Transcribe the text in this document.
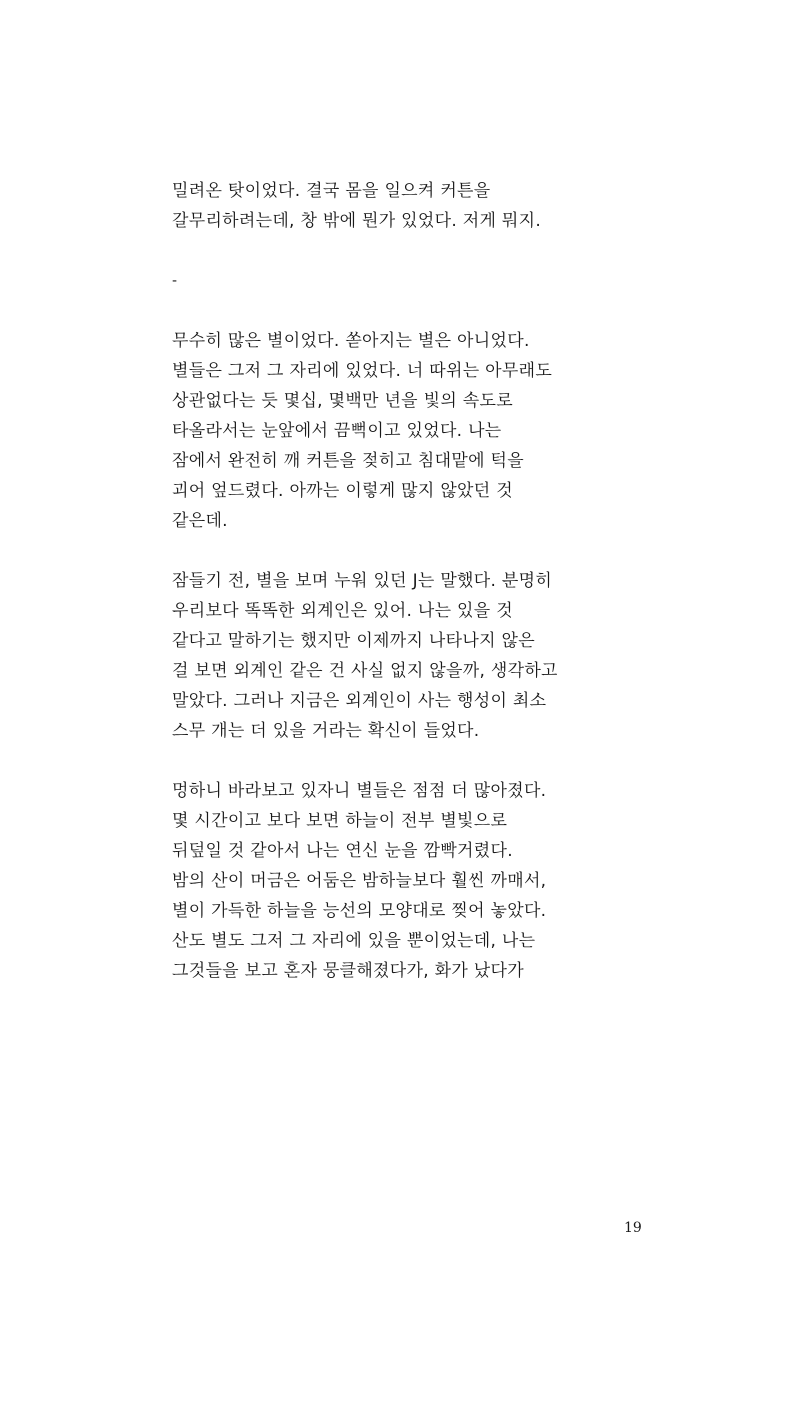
밀려온 탓이었다. 결국 몸을 일으켜 커튼을
갈무리하려는데, 창 밖에 뭔가 있었다. 저게 뭐지.
-
무수히 많은 별이었다. 쏟아지는 별은 아니었다.
별들은 그저 그 자리에 있었다. 너 따위는 아무래도
상관없다는 듯 몇십, 몇백만 년을 빛의 속도로
타올라서는 눈앞에서 끔뻑이고 있었다. 나는
잠에서 완전히 깨 커튼을 젖히고 침대맡에 턱을
괴어 엎드렸다. 아까는 이렇게 많지 않았던 것
같은데.
잠들기 전, 별을 보며 누워 있던 J는 말했다. 분명히
우리보다 똑똑한 외계인은 있어. 나는 있을 것
같다고 말하기는 했지만 이제까지 나타나지 않은
걸 보면 외계인 같은 건 사실 없지 않을까, 생각하고
말았다. 그러나 지금은 외계인이 사는 행성이 최소
스무 개는 더 있을 거라는 확신이 들었다.
멍하니 바라보고 있자니 별들은 점점 더 많아졌다.
몇 시간이고 보다 보면 하늘이 전부 별빛으로
뒤덮일 것 같아서 나는 연신 눈을 깜빡거렸다.
밤의 산이 머금은 어둠은 밤하늘보다 훨씬 까매서,
별이 가득한 하늘을 능선의 모양대로 찢어 놓았다.
산도 별도 그저 그 자리에 있을 뿐이었는데, 나는
그것들을 보고 혼자 뭉클해졌다가, 화가 났다가
19
